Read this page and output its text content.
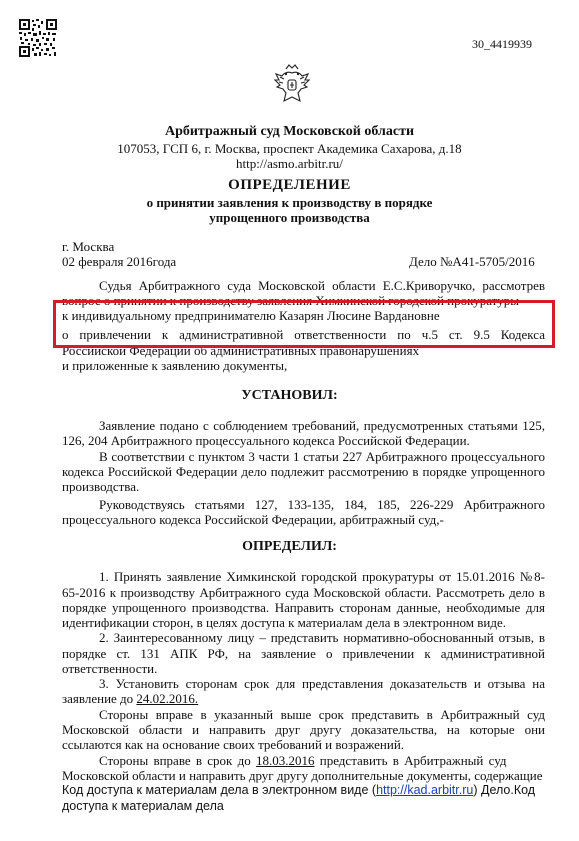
30_4419939
Арбитражный суд Московской области
107053, ГСП 6, г. Москва, проспект Академика Сахарова, д.18
http://asmo.arbitr.ru/
ОПРЕДЕЛЕНИЕ
о принятии заявления к производству в порядке
упрощенного производства
г. Москва
02 февраля 2016года	Дело №А41-5705/2016
Судья Арбитражного суда Московской области Е.С.Криворучко, рассмотрев
вопрос о принятии к производству заявления Химкинской городской прокуратуры
к индивидуальному предпринимателю Казарян Люсине Вардановне
о привлечении к административной ответственности по ч.5 ст. 9.5 Кодекса
Российской Федерации об административных правонарушениях
и приложенные к заявлению документы,
УСТАНОВИЛ:
Заявление подано с соблюдением требований, предусмотренных статьями 125,
126, 204 Арбитражного процессуального кодекса Российской Федерации.
В соответствии с пунктом 3 части 1 статьи 227 Арбитражного процессуального
кодекса Российской Федерации дело подлежит рассмотрению в порядке упрощенного
производства.
Руководствуясь статьями 127, 133-135, 184, 185, 226-229 Арбитражного
процессуального кодекса Российской Федерации, арбитражный суд,-
ОПРЕДЕЛИЛ:
1. Принять заявление Химкинской городской прокуратуры от 15.01.2016 №8-
65-2016 к производству Арбитражного суда Московской области. Рассмотреть дело в
порядке упрощенного производства. Направить сторонам данные, необходимые для
идентификации сторон, в целях доступа к материалам дела в электронном виде.
2. Заинтересованному лицу – представить нормативно-обоснованный отзыв, в
порядке ст. 131 АПК РФ, на заявление о привлечении к административной
ответственности.
3. Установить сторонам срок для представления доказательств и отзыва на
заявление до 24.02.2016.
Стороны вправе в указанный выше срок представить в Арбитражный суд
Московской области и направить друг другу доказательства, на которые они
ссылаются как на основание своих требований и возражений.
Стороны вправе в срок до 18.03.2016 представить в Арбитражный суд
Московской области и направить друг другу дополнительные документы, содержащие
Код доступа к материалам дела в электронном виде (http://kad.arbitr.ru) Дело.Код
доступа к материалам дела
